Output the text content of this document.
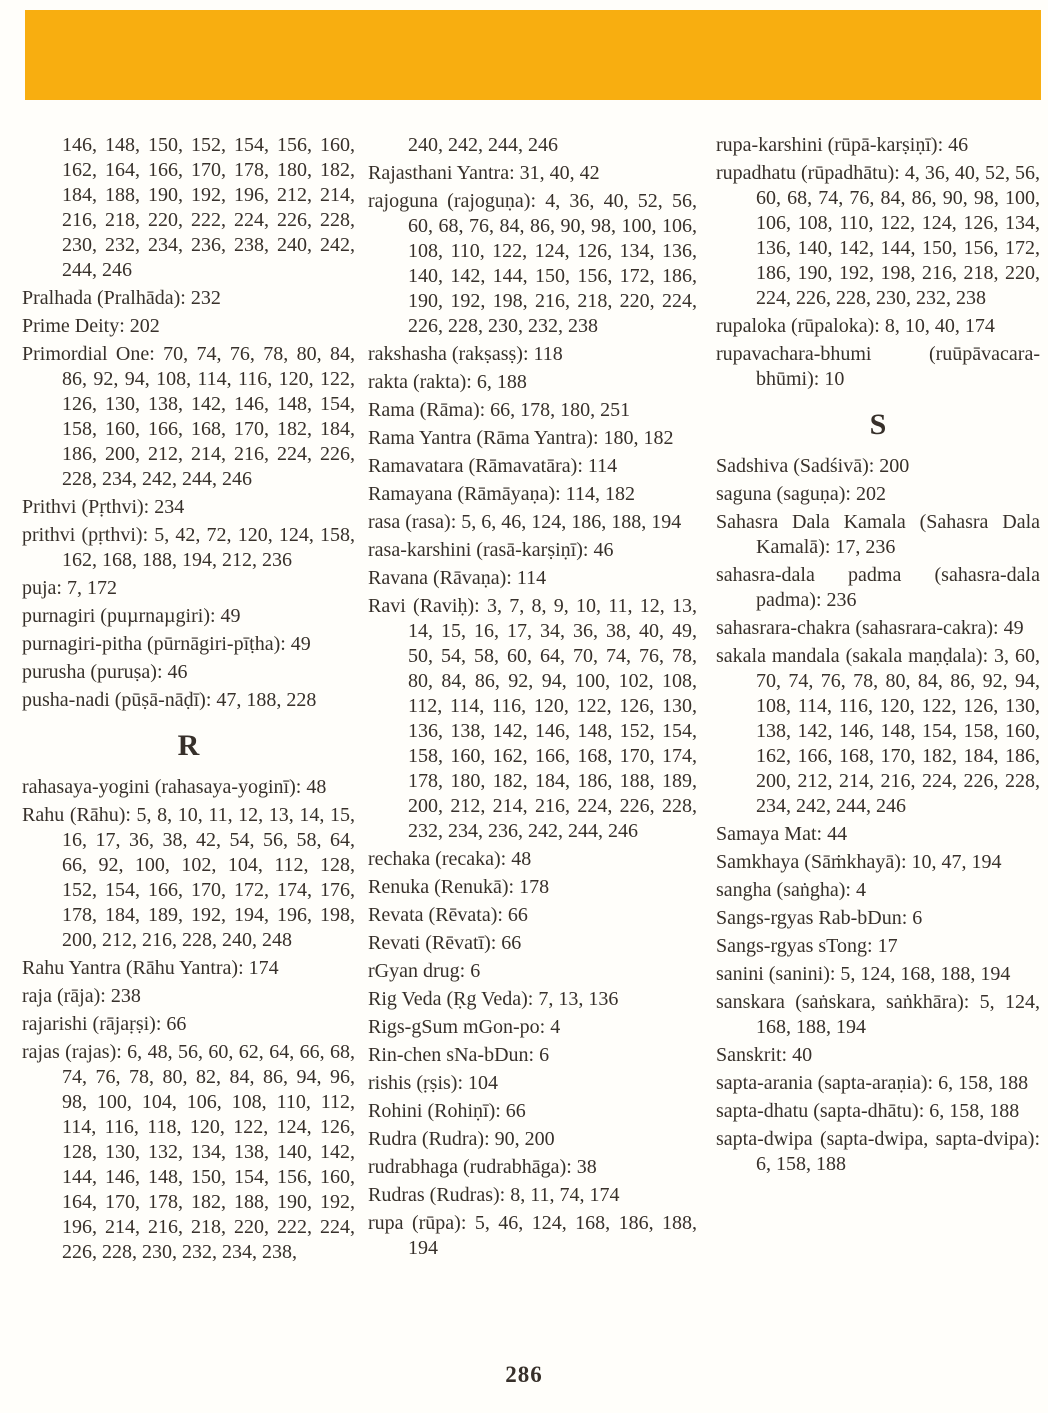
146, 148, 150, 152, 154, 156, 160, 162, 164, 166, 170, 178, 180, 182, 184, 188, 190, 192, 196, 212, 214, 216, 218, 220, 222, 224, 226, 228, 230, 232, 234, 236, 238, 240, 242, 244, 246

Pralhada (Pralhāda): 232

Prime Deity: 202

Primordial One: 70, 74, 76, 78, 80, 84, 86, 92, 94, 108, 114, 116, 120, 122, 126, 130, 138, 142, 146, 148, 154, 158, 160, 166, 168, 170, 182, 184, 186, 200, 212, 214, 216, 224, 226, 228, 234, 242, 244, 246

Prithvi (Pṛthvi): 234

prithvi (pṛthvi): 5, 42, 72, 120, 124, 158, 162, 168, 188, 194, 212, 236

puja: 7, 172

purnagiri (puµrnaµgiri): 49

purnagiri-pitha (pūrnāgiri-pīṭha): 49

purusha (puruṣa): 46

pusha-nadi (pūṣā-nāḍī): 47, 188, 228

R

rahasaya-yogini (rahasaya-yoginī): 48

Rahu (Rāhu): 5, 8, 10, 11, 12, 13, 14, 15, 16, 17, 36, 38, 42, 54, 56, 58, 64, 66, 92, 100, 102, 104, 112, 128, 152, 154, 166, 170, 172, 174, 176, 178, 184, 189, 192, 194, 196, 198, 200, 212, 216, 228, 240, 248

Rahu Yantra (Rāhu Yantra): 174

raja (rāja): 238

rajarishi (rājaṛṣi): 66

rajas (rajas): 6, 48, 56, 60, 62, 64, 66, 68, 74, 76, 78, 80, 82, 84, 86, 94, 96, 98, 100, 104, 106, 108, 110, 112, 114, 116, 118, 120, 122, 124, 126, 128, 130, 132, 134, 138, 140, 142, 144, 146, 148, 150, 154, 156, 160, 164, 170, 178, 182, 188, 190, 192, 196, 214, 216, 218, 220, 222, 224, 226, 228, 230, 232, 234, 238,

240, 242, 244, 246

Rajasthani Yantra: 31, 40, 42

rajoguna (rajoguṇa): 4, 36, 40, 52, 56, 60, 68, 76, 84, 86, 90, 98, 100, 106, 108, 110, 122, 124, 126, 134, 136, 140, 142, 144, 150, 156, 172, 186, 190, 192, 198, 216, 218, 220, 224, 226, 228, 230, 232, 238

rakshasha (rakṣasṣ): 118

rakta (rakta): 6, 188

Rama (Rāma): 66, 178, 180, 251

Rama Yantra (Rāma Yantra): 180, 182

Ramavatara (Rāmavatāra): 114

Ramayana (Rāmāyaṇa): 114, 182

rasa (rasa): 5, 6, 46, 124, 186, 188, 194

rasa-karshini (rasā-karṣiṇī): 46

Ravana (Rāvaṇa): 114

Ravi (Raviḥ): 3, 7, 8, 9, 10, 11, 12, 13, 14, 15, 16, 17, 34, 36, 38, 40, 49, 50, 54, 58, 60, 64, 70, 74, 76, 78, 80, 84, 86, 92, 94, 100, 102, 108, 112, 114, 116, 120, 122, 126, 130, 136, 138, 142, 146, 148, 152, 154, 158, 160, 162, 166, 168, 170, 174, 178, 180, 182, 184, 186, 188, 189, 200, 212, 214, 216, 224, 226, 228, 232, 234, 236, 242, 244, 246

rechaka (recaka): 48

Renuka (Renukā): 178

Revata (Rēvata): 66

Revati (Rēvatī): 66

rGyan drug: 6

Rig Veda (Ṛg Veda): 7, 13, 136

Rigs-gSum mGon-po: 4

Rin-chen sNa-bDun: 6

rishis (ṛṣis): 104

Rohini (Rohiṇī): 66

Rudra (Rudra): 90, 200

rudrabhaga (rudrabhāga): 38

Rudras (Rudras): 8, 11, 74, 174

rupa (rūpa): 5, 46, 124, 168, 186, 188, 194

rupa-karshini (rūpā-karṣiṇī): 46

rupadhatu (rūpadhātu): 4, 36, 40, 52, 56, 60, 68, 74, 76, 84, 86, 90, 98, 100, 106, 108, 110, 122, 124, 126, 134, 136, 140, 142, 144, 150, 156, 172, 186, 190, 192, 198, 216, 218, 220, 224, 226, 228, 230, 232, 238

rupaloka (rūpaloka): 8, 10, 40, 174

rupavachara-bhumi (ruūpāvacara-bhūmi): 10

S

Sadshiva (Sadśivā): 200

saguna (saguṇa): 202

Sahasra Dala Kamala (Sahasra Dala Kamalā): 17, 236

sahasra-dala padma (sahasra-dala padma): 236

sahasrara-chakra (sahasrara-cakra): 49

sakala mandala (sakala maṇḍala): 3, 60, 70, 74, 76, 78, 80, 84, 86, 92, 94, 108, 114, 116, 120, 122, 126, 130, 138, 142, 146, 148, 154, 158, 160, 162, 166, 168, 170, 182, 184, 186, 200, 212, 214, 216, 224, 226, 228, 234, 242, 244, 246

Samaya Mat: 44

Samkhaya (Sāṁkhayā): 10, 47, 194

sangha (saṅgha): 4

Sangs-rgyas Rab-bDun: 6

Sangs-rgyas sTong: 17

sanini (sanini): 5, 124, 168, 188, 194

sanskara (saṅskara, saṅkhāra): 5, 124, 168, 188, 194

Sanskrit: 40

sapta-arania (sapta-araṇia): 6, 158, 188

sapta-dhatu (sapta-dhātu): 6, 158, 188

sapta-dwipa (sapta-dwipa, sapta-dvipa): 6, 158, 188

286
